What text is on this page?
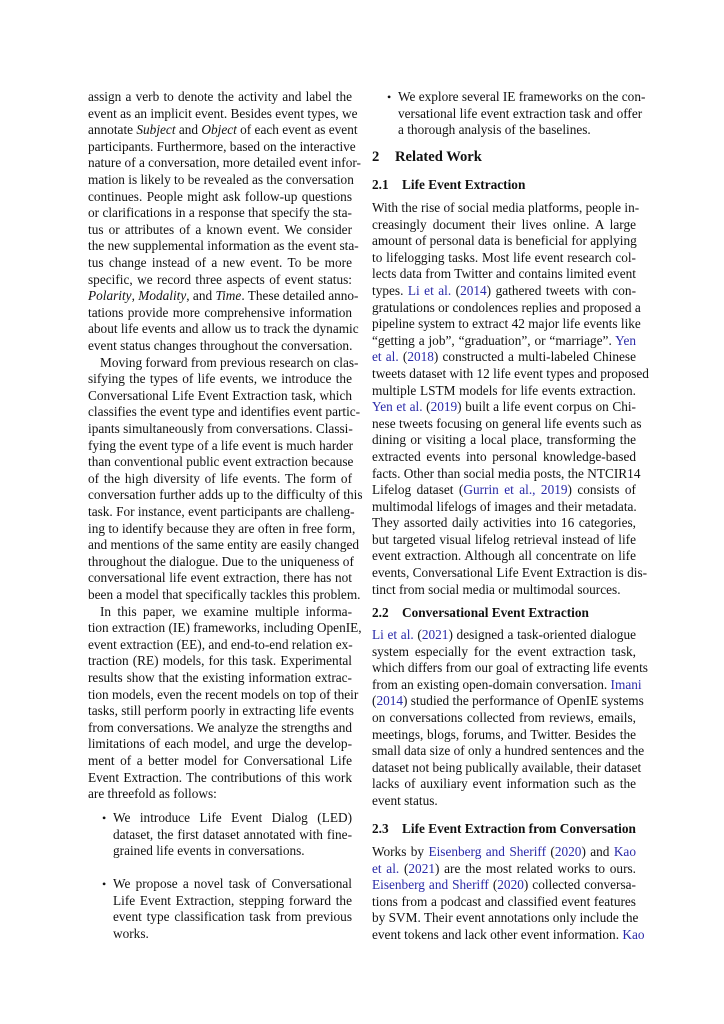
assign a verb to denote the activity and label the
event as an implicit event. Besides event types, we
annotate Subject and Object of each event as event
participants. Furthermore, based on the interactive
nature of a conversation, more detailed event infor-
mation is likely to be revealed as the conversation
continues. People might ask follow-up questions
or clarifications in a response that specify the sta-
tus or attributes of a known event. We consider
the new supplemental information as the event sta-
tus change instead of a new event. To be more
specific, we record three aspects of event status:
Polarity, Modality, and Time. These detailed anno-
tations provide more comprehensive information
about life events and allow us to track the dynamic
event status changes throughout the conversation.
Moving forward from previous research on clas-
sifying the types of life events, we introduce the
Conversational Life Event Extraction task, which
classifies the event type and identifies event partic-
ipants simultaneously from conversations. Classi-
fying the event type of a life event is much harder
than conventional public event extraction because
of the high diversity of life events. The form of
conversation further adds up to the difficulty of this
task. For instance, event participants are challeng-
ing to identify because they are often in free form,
and mentions of the same entity are easily changed
throughout the dialogue. Due to the uniqueness of
conversational life event extraction, there has not
been a model that specifically tackles this problem.
In this paper, we examine multiple informa-
tion extraction (IE) frameworks, including OpenIE,
event extraction (EE), and end-to-end relation ex-
traction (RE) models, for this task. Experimental
results show that the existing information extrac-
tion models, even the recent models on top of their
tasks, still perform poorly in extracting life events
from conversations. We analyze the strengths and
limitations of each model, and urge the develop-
ment of a better model for Conversational Life
Event Extraction. The contributions of this work
are threefold as follows:
• We introduce Life Event Dialog (LED)
dataset, the first dataset annotated with fine-
grained life events in conversations.
• We propose a novel task of Conversational
Life Event Extraction, stepping forward the
event type classification task from previous
works.
• We explore several IE frameworks on the con-
versational life event extraction task and offer
a thorough analysis of the baselines.
2 Related Work
2.1 Life Event Extraction
With the rise of social media platforms, people in-
creasingly document their lives online. A large
amount of personal data is beneficial for applying
to lifelogging tasks. Most life event research col-
lects data from Twitter and contains limited event
types. Li et al. (2014) gathered tweets with con-
gratulations or condolences replies and proposed a
pipeline system to extract 42 major life events like
“getting a job”, “graduation”, or “marriage”. Yen
et al. (2018) constructed a multi-labeled Chinese
tweets dataset with 12 life event types and proposed
multiple LSTM models for life events extraction.
Yen et al. (2019) built a life event corpus on Chi-
nese tweets focusing on general life events such as
dining or visiting a local place, transforming the
extracted events into personal knowledge-based
facts. Other than social media posts, the NTCIR14
Lifelog dataset (Gurrin et al., 2019) consists of
multimodal lifelogs of images and their metadata.
They assorted daily activities into 16 categories,
but targeted visual lifelog retrieval instead of life
event extraction. Although all concentrate on life
events, Conversational Life Event Extraction is dis-
tinct from social media or multimodal sources.
2.2 Conversational Event Extraction
Li et al. (2021) designed a task-oriented dialogue
system especially for the event extraction task,
which differs from our goal of extracting life events
from an existing open-domain conversation. Imani
(2014) studied the performance of OpenIE systems
on conversations collected from reviews, emails,
meetings, blogs, forums, and Twitter. Besides the
small data size of only a hundred sentences and the
dataset not being publically available, their dataset
lacks of auxiliary event information such as the
event status.
2.3 Life Event Extraction from Conversation
Works by Eisenberg and Sheriff (2020) and Kao
et al. (2021) are the most related works to ours.
Eisenberg and Sheriff (2020) collected conversa-
tions from a podcast and classified event features
by SVM. Their event annotations only include the
event tokens and lack other event information. Kao
